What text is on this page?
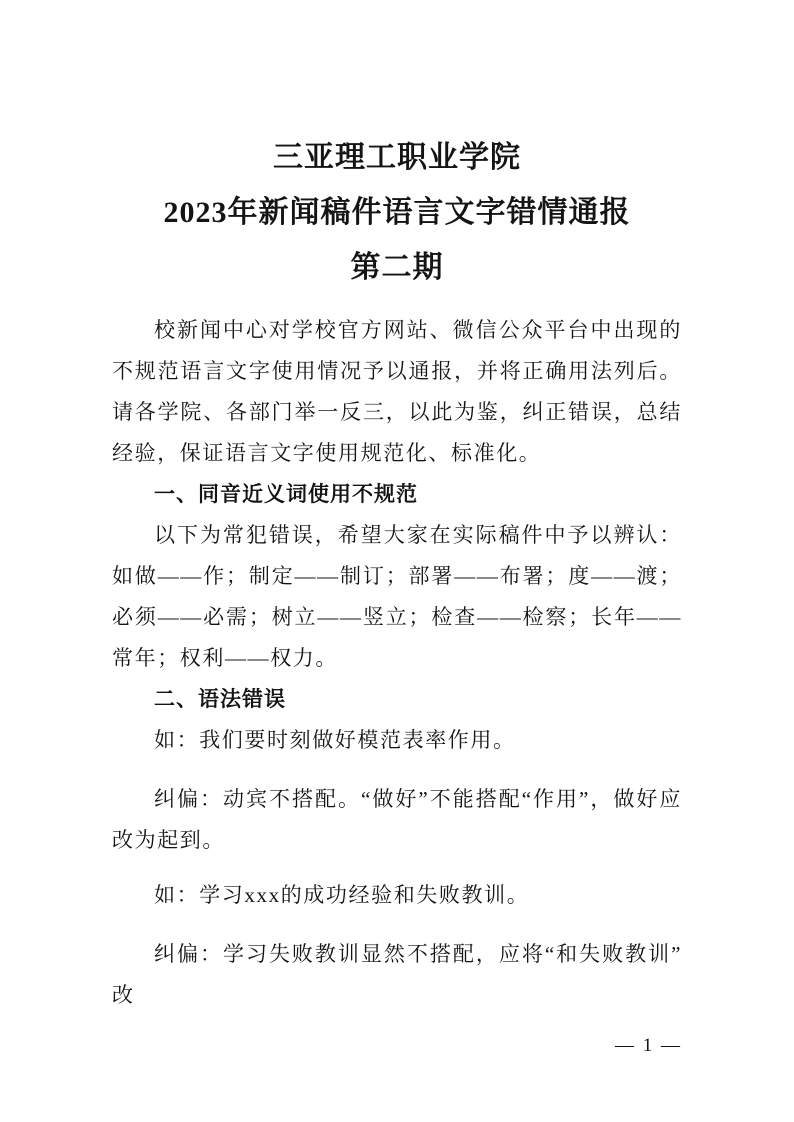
三亚理工职业学院
2023年新闻稿件语言文字错情通报
第二期

校新闻中心对学校官方网站、微信公众平台中出现的不规范语言文字使用情况予以通报，并将正确用法列后。请各学院、各部门举一反三，以此为鉴，纠正错误，总结经验，保证语言文字使用规范化、标准化。

一、同音近义词使用不规范

以下为常犯错误，希望大家在实际稿件中予以辨认：如做——作；制定——制订；部署——布署；度——渡；必须——必需；树立——竖立；检查——检察；长年——常年；权利——权力。

二、语法错误

如：我们要时刻做好模范表率作用。

纠偏：动宾不搭配。“做好”不能搭配“作用”，做好应改为起到。

如：学习xxx的成功经验和失败教训。

纠偏：学习失败教训显然不搭配，应将“和失败教训”改

— 1 —
